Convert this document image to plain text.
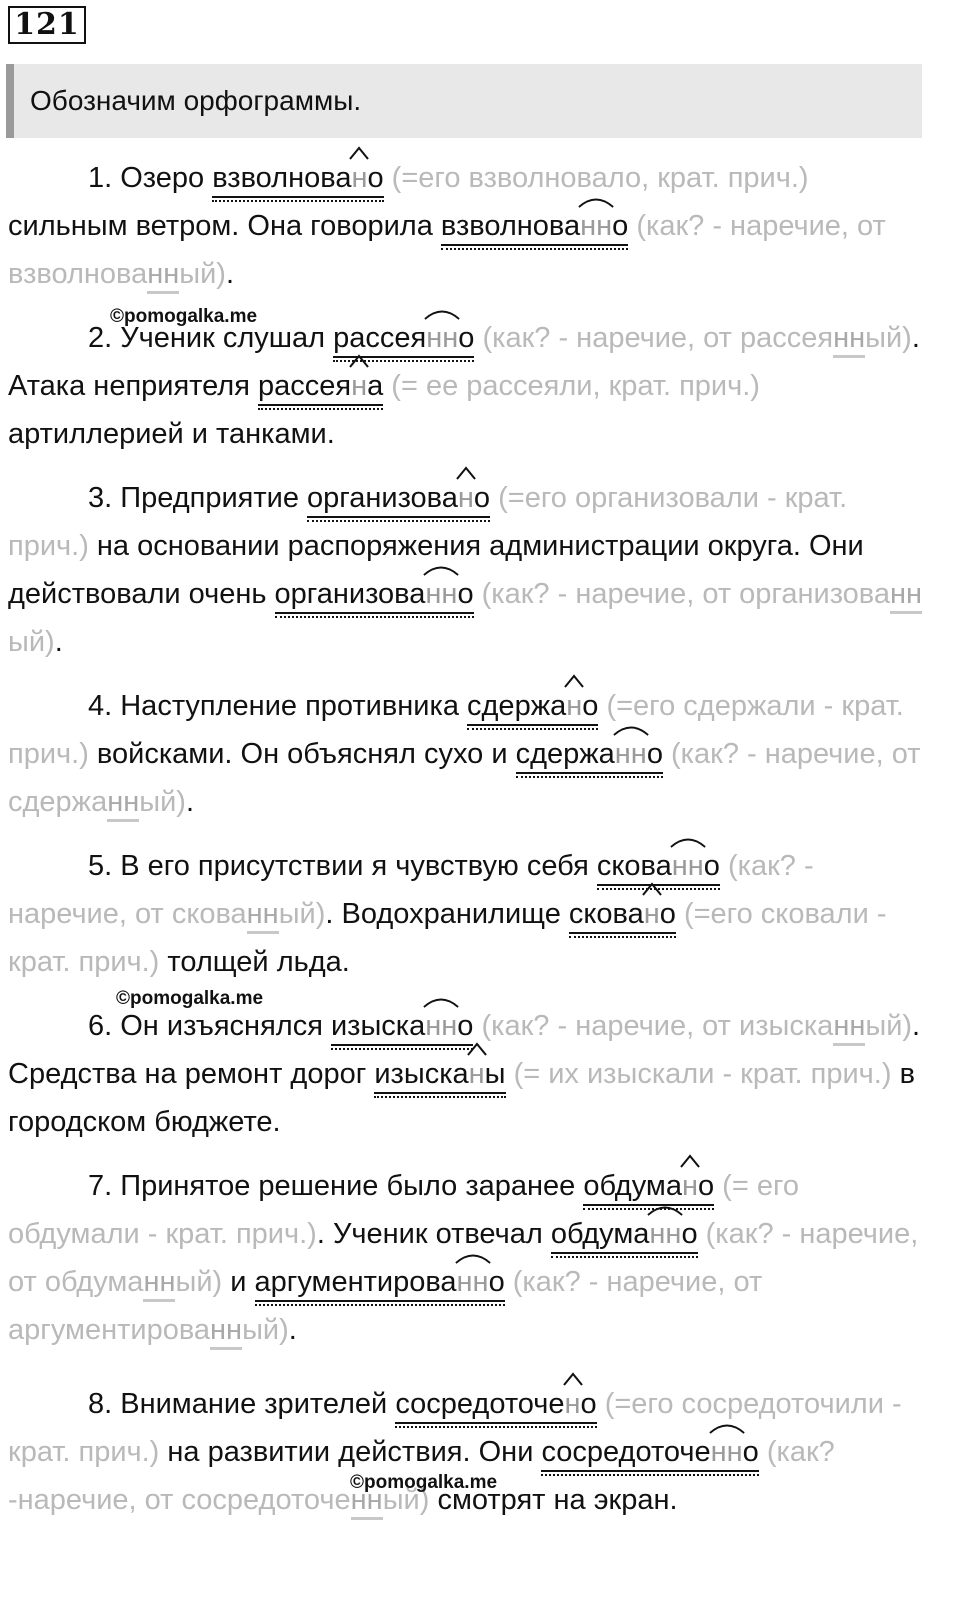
121
Обозначим орфограммы.

1. Озеро взволнова
но (=его взволновало, крат. прич.) сильным ветром. Она говорила взволнова
нно (как? - наречие, от взволнованный).

©pomogalka.me

2. Ученик слушал рассея
нно (как? - наречие, от рассеянный). Атака неприятеля рассея
на (= ее рассеяли, крат. прич.) артиллерией и танками.

3. Предприятие организова
но (=его организовали - крат. прич.) на основании распоряжения администрации округа. Они действовали очень организова
нно (как? - наречие, от организованный).

4. Наступление противника сдержа
но (=его сдержали - крат. прич.) войсками. Он объяснял сухо и сдержа
нно (как? - наречие, от сдержанный).

5. В его присутствии я чувствую себя скова
нно (как? - наречие, от скованный). Водохранилище скова
но (=его сковали - крат. прич.) толщей льда.

©pomogalka.me

6. Он изъяснялся изыска
нно (как? - наречие, от изысканный). Средства на ремонт дорог изыска
ны (= их изыскали - крат. прич.) в городском бюджете.

7. Принятое решение было заранее обдума
но (= его обдумали - крат. прич.). Ученик отвечал обдума
нно (как? - наречие, от обдуманный) и аргументирова
нно (как? - наречие, от аргументированный).

8. Внимание зрителей сосредоточе
но (=его сосредоточили - крат. прич.) на развитии действия. Они сосредоточе
нно (как? -наречие, от сосредоточенный) смотрят на экран.

©pomogalka.me
